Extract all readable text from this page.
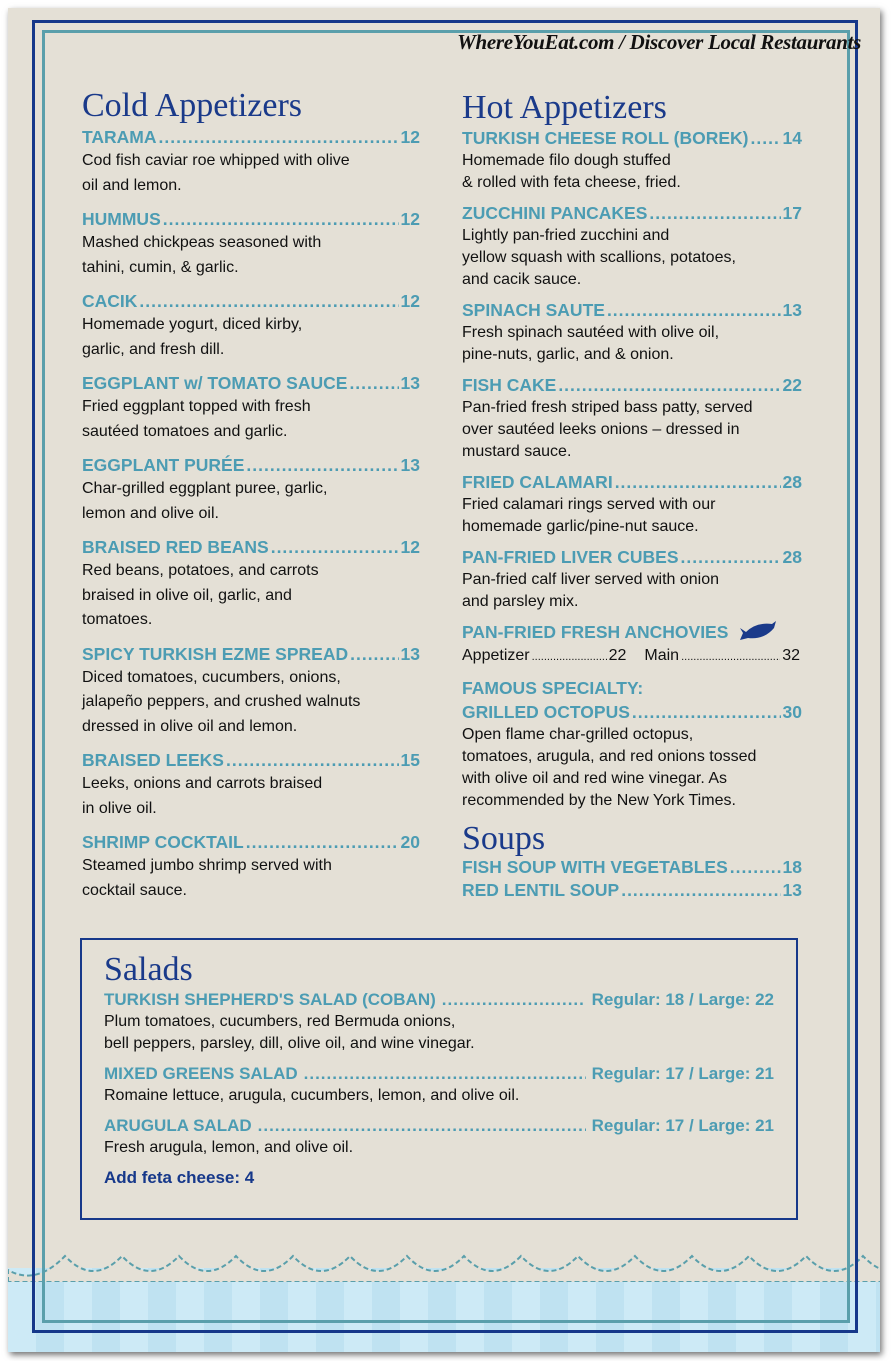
WhereYouEat.com / Discover Local Restaurants
Cold Appetizers
TARAMA .....	12
Cod fish caviar roe whipped with olive
oil and lemon.
HUMMUS .....	12
Mashed chickpeas seasoned with
tahini, cumin, & garlic.
CACIK .....	12
Homemade yogurt, diced kirby,
garlic, and fresh dill.
EGGPLANT w/ TOMATO SAUCE .....	13
Fried eggplant topped with fresh
sautéed tomatoes and garlic.
EGGPLANT PURÉE .....	13
Char-grilled eggplant puree, garlic,
lemon and olive oil.
BRAISED RED BEANS .....	12
Red beans, potatoes, and carrots
braised in olive oil, garlic, and
tomatoes.
SPICY TURKISH EZME SPREAD .....	13
Diced tomatoes, cucumbers, onions,
jalapeño peppers, and crushed walnuts
dressed in olive oil and lemon.
BRAISED LEEKS .....	15
Leeks, onions and carrots braised
in olive oil.
SHRIMP COCKTAIL .....	20
Steamed jumbo shrimp served with
cocktail sauce.
Hot Appetizers
TURKISH CHEESE ROLL (BOREK) ..... 14
Homemade filo dough stuffed
& rolled with feta cheese, fried.
ZUCCHINI PANCAKES .....	17
Lightly pan-fried zucchini and
yellow squash with scallions, potatoes,
and cacik sauce.
SPINACH SAUTE .....	13
Fresh spinach sautéed with olive oil,
pine-nuts, garlic, and & onion.
FISH CAKE .....	22
Pan-fried fresh striped bass patty, served
over sautéed leeks onions – dressed in
mustard sauce.
FRIED CALAMARI .....	28
Fried calamari rings served with our
homemade garlic/pine-nut sauce.
PAN-FRIED LIVER CUBES .....	28
Pan-fried calf liver served with onion
and parsley mix.
PAN-FRIED FRESH ANCHOVIES
Appetizer .....	22 Main .....	32
FAMOUS SPECIALTY:
GRILLED OCTOPUS .....	30
Open flame char-grilled octopus,
tomatoes, arugula, and red onions tossed
with olive oil and red wine vinegar. As
recommended by the New York Times.
Soups
FISH SOUP WITH VEGETABLES .....	18
RED LENTIL SOUP .....	13
Salads
TURKISH SHEPHERD'S SALAD (COBAN) .....	Regular: 18 / Large: 22
Plum tomatoes, cucumbers, red Bermuda onions,
bell peppers, parsley, dill, olive oil, and wine vinegar.
MIXED GREENS SALAD .....	Regular: 17 / Large: 21
Romaine lettuce, arugula, cucumbers, lemon, and olive oil.
ARUGULA SALAD .....	Regular: 17 / Large: 21
Fresh arugula, lemon, and olive oil.
Add feta cheese: 4
